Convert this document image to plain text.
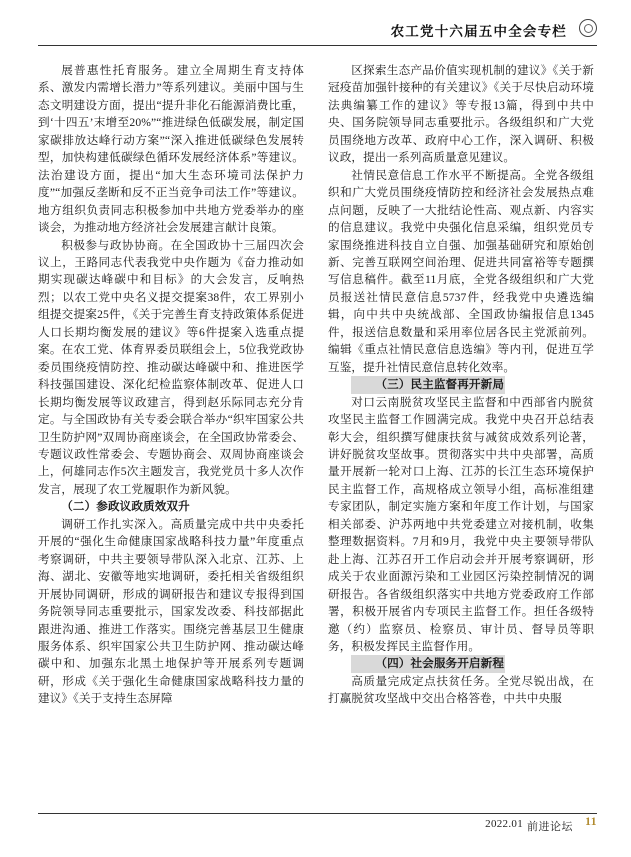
农工党十六届五中全会专栏

展普惠性托育服务。建立全周期生育支持体系、激发内需增长潜力”等系列建议。美丽中国与生态文明建设方面，提出“提升非化石能源消费比重，到‘十四五’末增至20%”“推进绿色低碳发展，制定国家碳排放达峰行动方案”“深入推进低碳绿色发展转型，加快构建低碳绿色循环发展经济体系”等建议。法治建设方面，提出“加大生态环境司法保护力度”“加强反垄断和反不正当竞争司法工作”等建议。地方组织负责同志积极参加中共地方党委举办的座谈会，为推动地方经济社会发展建言献计良策。

积极参与政协协商。在全国政协十三届四次会议上，王路同志代表我党中央作题为《奋力推动如期实现碳达峰碳中和目标》的大会发言，反响热烈；以农工党中央名义提交提案38件，农工界别小组提交提案25件，《关于完善生育支持政策体系促进人口长期均衡发展的建议》等6件提案入选重点提案。在农工党、体育界委员联组会上，5位我党政协委员围绕疫情防控、推动碳达峰碳中和、推进医学科技强国建设、深化纪检监察体制改革、促进人口长期均衡发展等议政建言，得到赵乐际同志充分肯定。与全国政协有关专委会联合举办“织牢国家公共卫生防护网”双周协商座谈会，在全国政协常委会、专题议政性常委会、专题协商会、双周协商座谈会上，何雄同志作5次主题发言，我党党员十多人次作发言，展现了农工党履职作为新风貌。

（二）参政议政质效双升

调研工作扎实深入。高质量完成中共中央委托开展的“强化生命健康国家战略科技力量”年度重点考察调研，中共主要领导带队深入北京、江苏、上海、湖北、安徽等地实地调研，委托相关省级组织开展协同调研，形成的调研报告和建议专报得到国务院领导同志重要批示，国家发改委、科技部据此跟进沟通、推进工作落实。围绕完善基层卫生健康服务体系、织牢国家公共卫生防护网、推动碳达峰碳中和、加强东北黑土地保护等开展系列专题调研，形成《关于强化生命健康国家战略科技力量的建议》《关于支持生态屏障

区探索生态产品价值实现机制的建议》《关于新冠疫苗加强针接种的有关建议》《关于尽快启动环境法典编纂工作的建议》等专报13篇，得到中共中央、国务院领导同志重要批示。各级组织和广大党员围绕地方改革、政府中心工作，深入调研、积极议政，提出一系列高质量意见建议。

社情民意信息工作水平不断提高。全党各级组织和广大党员围绕疫情防控和经济社会发展热点难点问题，反映了一大批结论性高、观点新、内容实的信息建议。我党中央强化信息采编，组织党员专家围绕推进科技自立自强、加强基础研究和原始创新、完善互联网空间治理、促进共同富裕等专题撰写信息稿件。截至11月底，全党各级组织和广大党员报送社情民意信息5737件，经我党中央遴选编辑，向中共中央统战部、全国政协编报信息1345件，报送信息数量和采用率位居各民主党派前列。编辑《重点社情民意信息选编》等内刊，促进互学互鉴，提升社情民意信息转化效率。

（三）民主监督再开新局

对口云南脱贫攻坚民主监督和中西部省内脱贫攻坚民主监督工作圆满完成。我党中央召开总结表彰大会，组织撰写健康扶贫与减贫成效系列论著，讲好脱贫攻坚故事。贯彻落实中共中央部署，高质量开展新一轮对口上海、江苏的长江生态环境保护民主监督工作，高规格成立领导小组，高标准组建专家团队，制定实施方案和年度工作计划，与国家相关部委、沪苏两地中共党委建立对接机制，收集整理数据资料。7月和9月，我党中央主要领导带队赴上海、江苏召开工作启动会并开展考察调研，形成关于农业面源污染和工业园区污染控制情况的调研报告。各省级组织落实中共地方党委政府工作部署，积极开展省内专项民主监督工作。担任各级特邀（约）监察员、检察员、审计员、督导员等职务，积极发挥民主监督作用。

（四）社会服务开启新程

高质量完成定点扶贫任务。全党尽锐出战，在打赢脱贫攻坚战中交出合格答卷，中共中央服

2022.01 前进论坛 11
